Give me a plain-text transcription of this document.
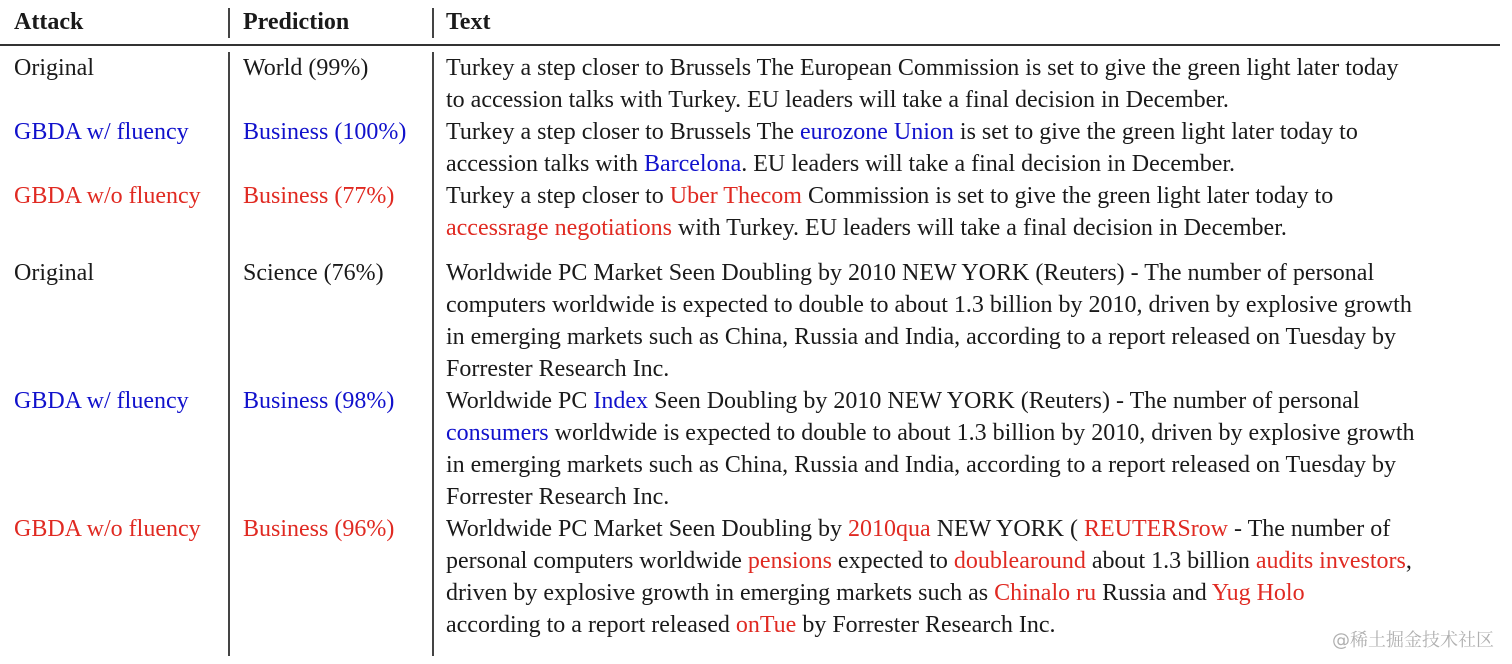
Attack	Prediction	Text
Original	World (99%)	Turkey a step closer to Brussels The European Commission is set to give the green light later today
to accession talks with Turkey. EU leaders will take a final decision in December.
GBDA w/ fluency Business (100%) Turkey a step closer to Brussels The eurozone Union is set to give the green light later today to
accession talks with Barcelona. EU leaders will take a final decision in December.
GBDA w/o fluency Business (77%) Turkey a step closer to Uber Thecom Commission is set to give the green light later today to
accessrage negotiations with Turkey. EU leaders will take a final decision in December.
Original	Science (76%)	Worldwide PC Market Seen Doubling by 2010 NEW YORK (Reuters) - The number of personal
computers worldwide is expected to double to about 1.3 billion by 2010, driven by explosive growth
in emerging markets such as China, Russia and India, according to a report released on Tuesday by
Forrester Research Inc.
GBDA w/ fluency Business (98%) Worldwide PC Index Seen Doubling by 2010 NEW YORK (Reuters) - The number of personal
consumers worldwide is expected to double to about 1.3 billion by 2010, driven by explosive growth
in emerging markets such as China, Russia and India, according to a report released on Tuesday by
Forrester Research Inc.
GBDA w/o fluency Business (96%) Worldwide PC Market Seen Doubling by 2010qua NEW YORK ( REUTERSrow - The number of
personal computers worldwide pensions expected to doublearound about 1.3 billion audits investors,
driven by explosive growth in emerging markets such as Chinalo ru Russia and Yug Holo
according to a report released onTue by Forrester Research Inc.
@稀土掘金技术社区
